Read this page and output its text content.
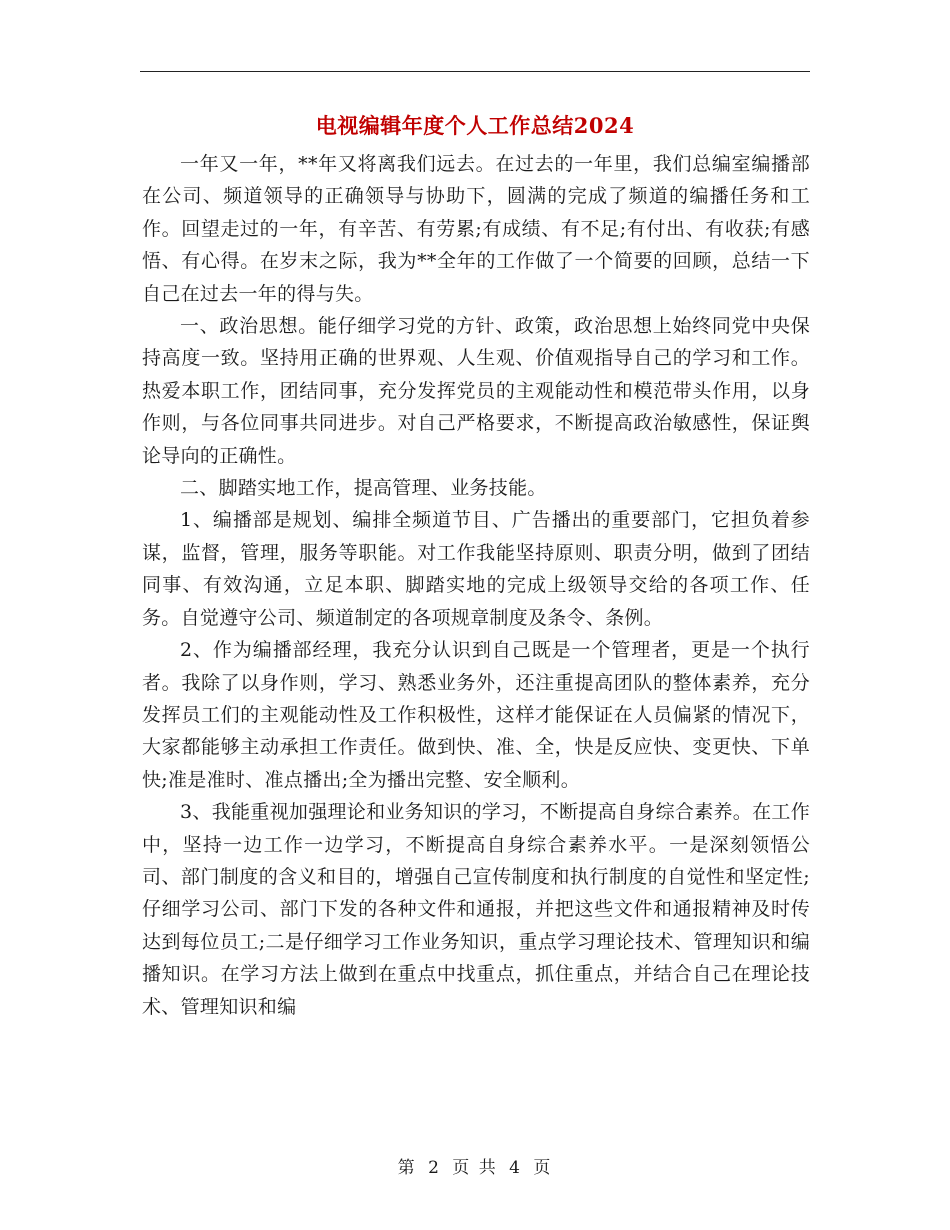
电视编辑年度个人工作总结2024

一年又一年，**年又将离我们远去。在过去的一年里，我们总编室编播部在公司、频道领导的正确领导与协助下，圆满的完成了频道的编播任务和工作。回望走过的一年，有辛苦、有劳累;有成绩、有不足;有付出、有收获;有感悟、有心得。在岁末之际，我为**全年的工作做了一个简要的回顾，总结一下自己在过去一年的得与失。

一、政治思想。能仔细学习党的方针、政策，政治思想上始终同党中央保持高度一致。坚持用正确的世界观、人生观、价值观指导自己的学习和工作。热爱本职工作，团结同事，充分发挥党员的主观能动性和模范带头作用，以身作则，与各位同事共同进步。对自己严格要求，不断提高政治敏感性，保证舆论导向的正确性。

二、脚踏实地工作，提高管理、业务技能。

1、编播部是规划、编排全频道节目、广告播出的重要部门，它担负着参谋，监督，管理，服务等职能。对工作我能坚持原则、职责分明，做到了团结同事、有效沟通，立足本职、脚踏实地的完成上级领导交给的各项工作、任务。自觉遵守公司、频道制定的各项规章制度及条令、条例。

2、作为编播部经理，我充分认识到自己既是一个管理者，更是一个执行者。我除了以身作则，学习、熟悉业务外，还注重提高团队的整体素养，充分发挥员工们的主观能动性及工作积极性，这样才能保证在人员偏紧的情况下，大家都能够主动承担工作责任。做到快、准、全，快是反应快、变更快、下单快;准是准时、准点播出;全为播出完整、安全顺利。

3、我能重视加强理论和业务知识的学习，不断提高自身综合素养。在工作中，坚持一边工作一边学习，不断提高自身综合素养水平。一是深刻领悟公司、部门制度的含义和目的，增强自己宣传制度和执行制度的自觉性和坚定性;仔细学习公司、部门下发的各种文件和通报，并把这些文件和通报精神及时传达到每位员工;二是仔细学习工作业务知识，重点学习理论技术、管理知识和编播知识。在学习方法上做到在重点中找重点，抓住重点，并结合自己在理论技术、管理知识和编

第 2 页 共 4 页
